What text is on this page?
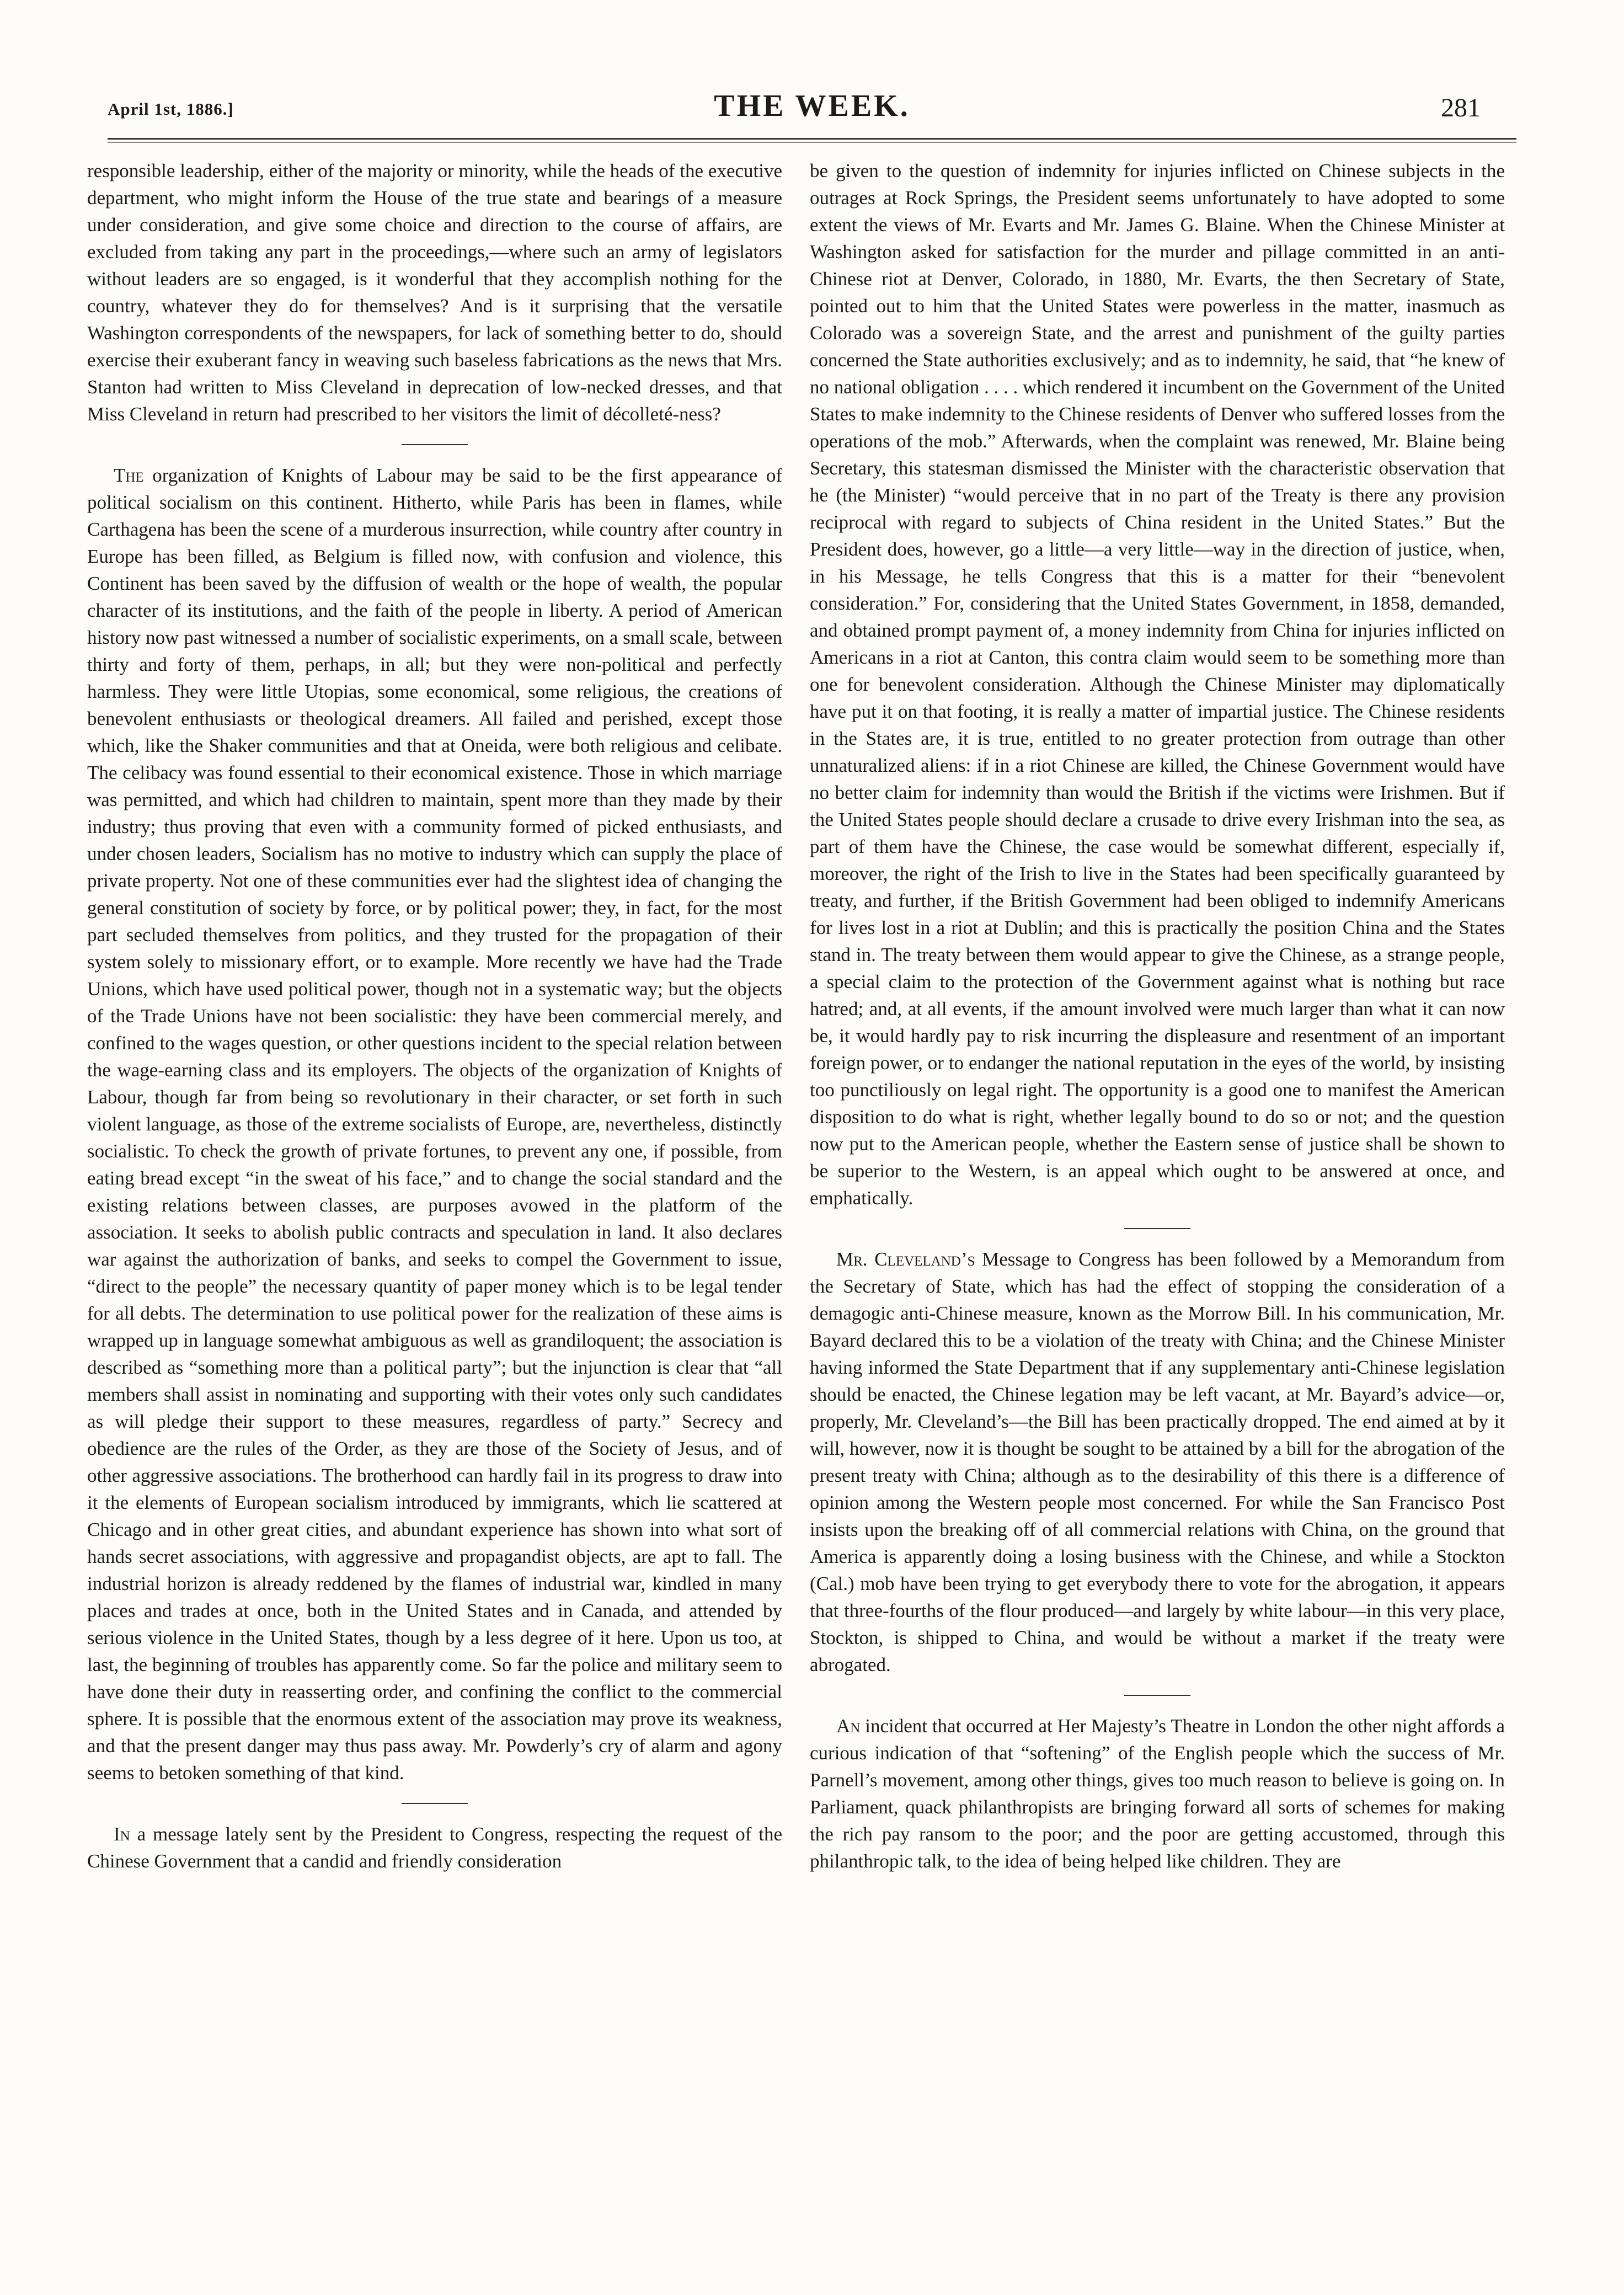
April 1st, 1886.]	THE WEEK.	281

responsible leadership, either of the majority or minority, while the heads of the executive department, who might inform the House of the true state and bearings of a measure under consideration, and give some choice and direction to the course of affairs, are excluded from taking any part in the proceedings,—where such an army of legislators without leaders are so engaged, is it wonderful that they accomplish nothing for the country, whatever they do for themselves? And is it surprising that the versatile Washington correspondents of the newspapers, for lack of something better to do, should exercise their exuberant fancy in weaving such baseless fabrications as the news that Mrs. Stanton had written to Miss Cleveland in deprecation of low-necked dresses, and that Miss Cleveland in return had prescribed to her visitors the limit of décolleté-ness?

The organization of Knights of Labour may be said to be the first appearance of political socialism on this continent. Hitherto, while Paris has been in flames, while Carthagena has been the scene of a murderous insurrection, while country after country in Europe has been filled, as Belgium is filled now, with confusion and violence, this Continent has been saved by the diffusion of wealth or the hope of wealth, the popular character of its institutions, and the faith of the people in liberty. A period of American history now past witnessed a number of socialistic experiments, on a small scale, between thirty and forty of them, perhaps, in all; but they were non-political and perfectly harmless. They were little Utopias, some economical, some religious, the creations of benevolent enthusiasts or theological dreamers. All failed and perished, except those which, like the Shaker communities and that at Oneida, were both religious and celibate. The celibacy was found essential to their economical existence. Those in which marriage was permitted, and which had children to maintain, spent more than they made by their industry; thus proving that even with a community formed of picked enthusiasts, and under chosen leaders, Socialism has no motive to industry which can supply the place of private property. Not one of these communities ever had the slightest idea of changing the general constitution of society by force, or by political power; they, in fact, for the most part secluded themselves from politics, and they trusted for the propagation of their system solely to missionary effort, or to example. More recently we have had the Trade Unions, which have used political power, though not in a systematic way; but the objects of the Trade Unions have not been socialistic: they have been commercial merely, and confined to the wages question, or other questions incident to the special relation between the wage-earning class and its employers. The objects of the organization of Knights of Labour, though far from being so revolutionary in their character, or set forth in such violent language, as those of the extreme socialists of Europe, are, nevertheless, distinctly socialistic. To check the growth of private fortunes, to prevent any one, if possible, from eating bread except “in the sweat of his face,” and to change the social standard and the existing relations between classes, are purposes avowed in the platform of the association. It seeks to abolish public contracts and speculation in land. It also declares war against the authorization of banks, and seeks to compel the Government to issue, “direct to the people” the necessary quantity of paper money which is to be legal tender for all debts. The determination to use political power for the realization of these aims is wrapped up in language somewhat ambiguous as well as grandiloquent; the association is described as “something more than a political party”; but the injunction is clear that “all members shall assist in nominating and supporting with their votes only such candidates as will pledge their support to these measures, regardless of party.” Secrecy and obedience are the rules of the Order, as they are those of the Society of Jesus, and of other aggressive associations. The brotherhood can hardly fail in its progress to draw into it the elements of European socialism introduced by immigrants, which lie scattered at Chicago and in other great cities, and abundant experience has shown into what sort of hands secret associations, with aggressive and propagandist objects, are apt to fall. The industrial horizon is already reddened by the flames of industrial war, kindled in many places and trades at once, both in the United States and in Canada, and attended by serious violence in the United States, though by a less degree of it here. Upon us too, at last, the beginning of troubles has apparently come. So far the police and military seem to have done their duty in reasserting order, and confining the conflict to the commercial sphere. It is possible that the enormous extent of the association may prove its weakness, and that the present danger may thus pass away. Mr. Powderly’s cry of alarm and agony seems to betoken something of that kind.

In a message lately sent by the President to Congress, respecting the request of the Chinese Government that a candid and friendly consideration

be given to the question of indemnity for injuries inflicted on Chinese subjects in the outrages at Rock Springs, the President seems unfortunately to have adopted to some extent the views of Mr. Evarts and Mr. James G. Blaine. When the Chinese Minister at Washington asked for satisfaction for the murder and pillage committed in an anti-Chinese riot at Denver, Colorado, in 1880, Mr. Evarts, the then Secretary of State, pointed out to him that the United States were powerless in the matter, inasmuch as Colorado was a sovereign State, and the arrest and punishment of the guilty parties concerned the State authorities exclusively; and as to indemnity, he said, that “he knew of no national obligation . . . . which rendered it incumbent on the Government of the United States to make indemnity to the Chinese residents of Denver who suffered losses from the operations of the mob.” Afterwards, when the complaint was renewed, Mr. Blaine being Secretary, this statesman dismissed the Minister with the characteristic observation that he (the Minister) “would perceive that in no part of the Treaty is there any provision reciprocal with regard to subjects of China resident in the United States.” But the President does, however, go a little—a very little—way in the direction of justice, when, in his Message, he tells Congress that this is a matter for their “benevolent consideration.” For, considering that the United States Government, in 1858, demanded, and obtained prompt payment of, a money indemnity from China for injuries inflicted on Americans in a riot at Canton, this contra claim would seem to be something more than one for benevolent consideration. Although the Chinese Minister may diplomatically have put it on that footing, it is really a matter of impartial justice. The Chinese residents in the States are, it is true, entitled to no greater protection from outrage than other unnaturalized aliens: if in a riot Chinese are killed, the Chinese Government would have no better claim for indemnity than would the British if the victims were Irishmen. But if the United States people should declare a crusade to drive every Irishman into the sea, as part of them have the Chinese, the case would be somewhat different, especially if, moreover, the right of the Irish to live in the States had been specifically guaranteed by treaty, and further, if the British Government had been obliged to indemnify Americans for lives lost in a riot at Dublin; and this is practically the position China and the States stand in. The treaty between them would appear to give the Chinese, as a strange people, a special claim to the protection of the Government against what is nothing but race hatred; and, at all events, if the amount involved were much larger than what it can now be, it would hardly pay to risk incurring the displeasure and resentment of an important foreign power, or to endanger the national reputation in the eyes of the world, by insisting too punctiliously on legal right. The opportunity is a good one to manifest the American disposition to do what is right, whether legally bound to do so or not; and the question now put to the American people, whether the Eastern sense of justice shall be shown to be superior to the Western, is an appeal which ought to be answered at once, and emphatically.

Mr. Cleveland’s Message to Congress has been followed by a Memorandum from the Secretary of State, which has had the effect of stopping the consideration of a demagogic anti-Chinese measure, known as the Morrow Bill. In his communication, Mr. Bayard declared this to be a violation of the treaty with China; and the Chinese Minister having informed the State Department that if any supplementary anti-Chinese legislation should be enacted, the Chinese legation may be left vacant, at Mr. Bayard’s advice—or, properly, Mr. Cleveland’s—the Bill has been practically dropped. The end aimed at by it will, however, now it is thought be sought to be attained by a bill for the abrogation of the present treaty with China; although as to the desirability of this there is a difference of opinion among the Western people most concerned. For while the San Francisco Post insists upon the breaking off of all commercial relations with China, on the ground that America is apparently doing a losing business with the Chinese, and while a Stockton (Cal.) mob have been trying to get everybody there to vote for the abrogation, it appears that three-fourths of the flour produced—and largely by white labour—in this very place, Stockton, is shipped to China, and would be without a market if the treaty were abrogated.

An incident that occurred at Her Majesty’s Theatre in London the other night affords a curious indication of that “softening” of the English people which the success of Mr. Parnell’s movement, among other things, gives too much reason to believe is going on. In Parliament, quack philanthropists are bringing forward all sorts of schemes for making the rich pay ransom to the poor; and the poor are getting accustomed, through this philanthropic talk, to the idea of being helped like children. They are
